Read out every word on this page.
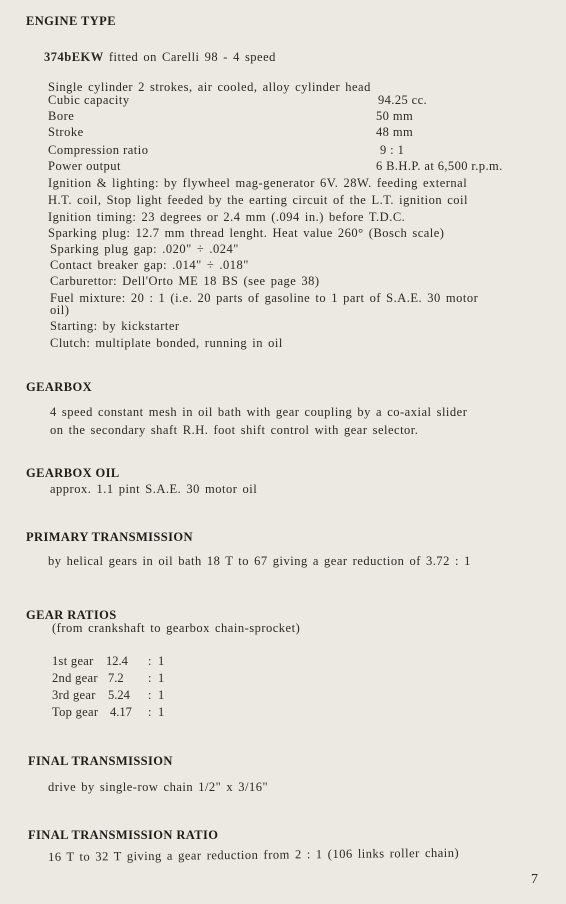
ENGINE TYPE
374bEKW fitted on Carelli 98 - 4 speed
Single cylinder 2 strokes, air cooled, alloy cylinder head
Cubic capacity	94.25 cc.
Bore	50 mm
Stroke	48 mm
Compression ratio	9 : 1
Power output	6 B.H.P. at 6,500 r.p.m.
Ignition & lighting: by flywheel mag-generator 6V. 28W. feeding external
H.T. coil, Stop light feeded by the earting circuit of the L.T. ignition coil
Ignition timing: 23 degrees or 2.4 mm (.094 in.) before T.D.C.
Sparking plug: 12.7 mm thread lenght. Heat value 260° (Bosch scale)
Sparking plug gap: .020" ÷ .024"
Contact breaker gap: .014" ÷ .018"
Carburettor: Dell'Orto ME 18 BS (see page 38)
Fuel mixture: 20 : 1 (i.e. 20 parts of gasoline to 1 part of S.A.E. 30 motor
oil)
Starting: by kickstarter
Clutch: multiplate bonded, running in oil
GEARBOX
4 speed constant mesh in oil bath with gear coupling by a co-axial slider
on the secondary shaft R.H. foot shift control with gear selector.
GEARBOX OIL
approx. 1.1 pint S.A.E. 30 motor oil
PRIMARY TRANSMISSION
by helical gears in oil bath 18 T to 67 giving a gear reduction of 3.72 : 1
GEAR RATIOS
(from crankshaft to gearbox chain-sprocket)
1st gear 12.4 : 1
2nd gear 7.2 : 1
3rd gear 5.24 : 1
Top gear 4.17 : 1
FINAL TRANSMISSION
drive by single-row chain 1/2" x 3/16"
FINAL TRANSMISSION RATIO
16 T to 32 T giving a gear reduction from 2 : 1 (106 links roller chain)
7
